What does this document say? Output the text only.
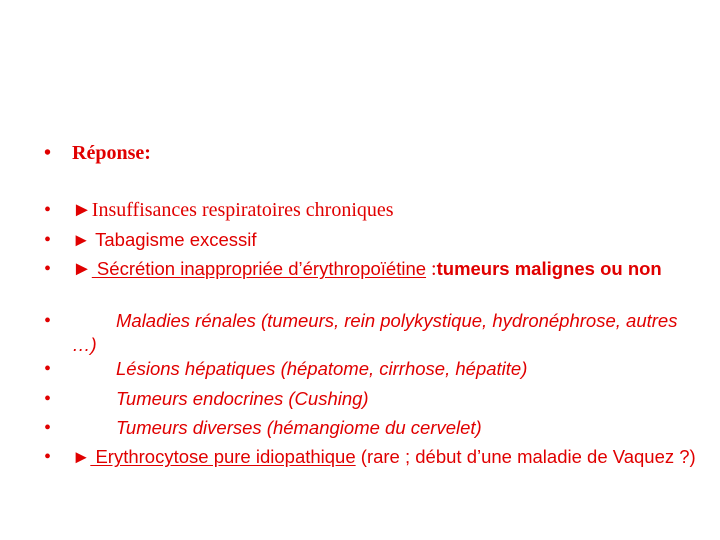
•	Réponse:
•	►Insuffisances respiratoires chroniques
•	► Tabagisme excessif
•	► Sécrétion inappropriée d’érythropoïétine :tumeurs malignes ou non
•	Maladies rénales (tumeurs, rein polykystique, hydronéphrose, autres …)
•	Lésions hépatiques (hépatome, cirrhose, hépatite)
•	Tumeurs endocrines (Cushing)
•	Tumeurs diverses (hémangiome du cervelet)
•	► Erythrocytose pure idiopathique (rare ; début d’une maladie de Vaquez ?)
